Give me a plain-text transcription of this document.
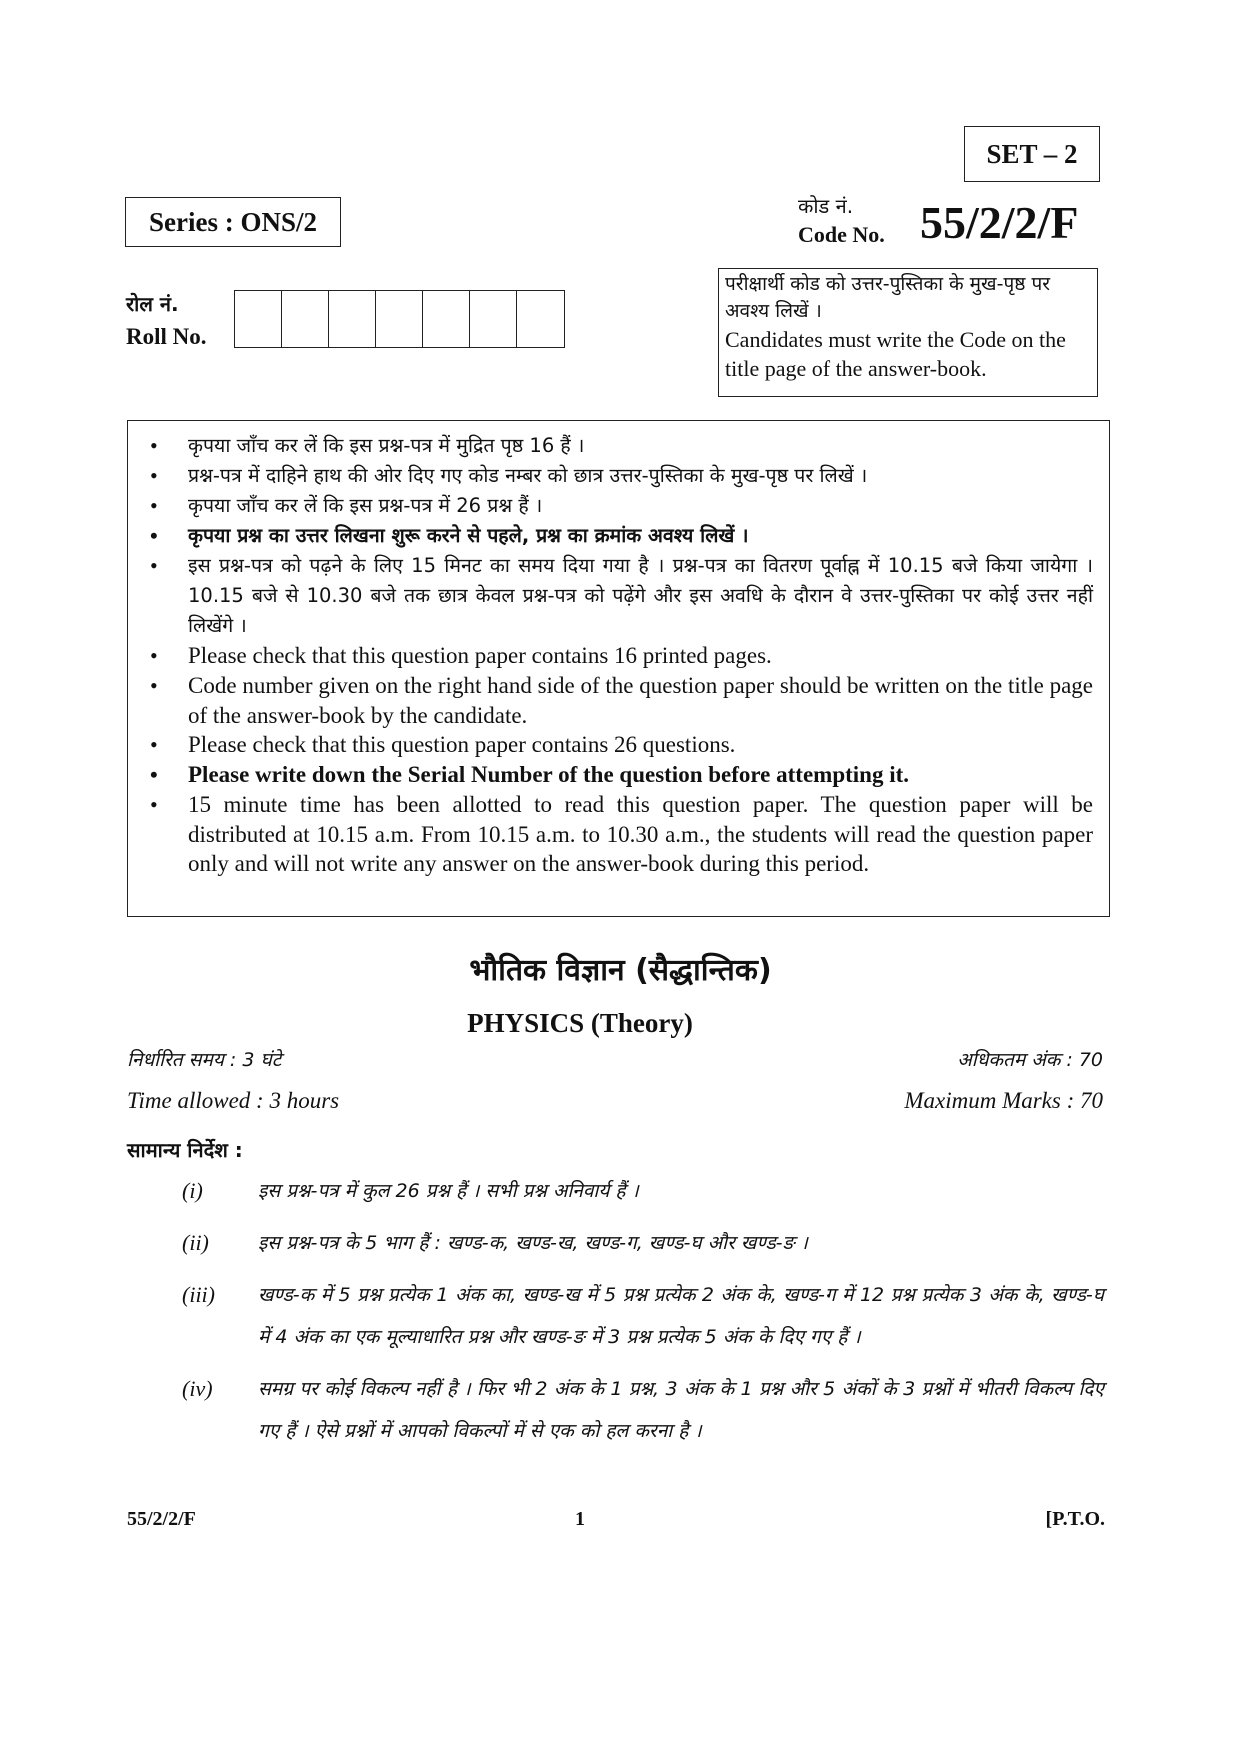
SET – 2
Series : ONS/2
कोड नं.
Code No. 55/2/2/F
रोल नं.
Roll No.
परीक्षार्थी कोड को उत्तर-पुस्तिका के मुख-पृष्ठ पर अवश्य लिखें ।
Candidates must write the Code on the title page of the answer-book.
•	कृपया जाँच कर लें कि इस प्रश्न-पत्र में मुद्रित पृष्ठ 16 हैं ।
•	प्रश्न-पत्र में दाहिने हाथ की ओर दिए गए कोड नम्बर को छात्र उत्तर-पुस्तिका के मुख-पृष्ठ पर लिखें ।
•	कृपया जाँच कर लें कि इस प्रश्न-पत्र में 26 प्रश्न हैं ।
•	कृपया प्रश्न का उत्तर लिखना शुरू करने से पहले, प्रश्न का क्रमांक अवश्य लिखें ।
•	इस प्रश्न-पत्र को पढ़ने के लिए 15 मिनट का समय दिया गया है । प्रश्न-पत्र का वितरण पूर्वाह्न में 10.15 बजे किया जायेगा । 10.15 बजे से 10.30 बजे तक छात्र केवल प्रश्न-पत्र को पढ़ेंगे और इस अवधि के दौरान वे उत्तर-पुस्तिका पर कोई उत्तर नहीं लिखेंगे ।
•	Please check that this question paper contains 16 printed pages.
•	Code number given on the right hand side of the question paper should be written on the title page of the answer-book by the candidate.
•	Please check that this question paper contains 26 questions.
•	Please write down the Serial Number of the question before attempting it.
•	15 minute time has been allotted to read this question paper. The question paper will be distributed at 10.15 a.m. From 10.15 a.m. to 10.30 a.m., the students will read the question paper only and will not write any answer on the answer-book during this period.
भौतिक विज्ञान (सैद्धान्तिक)
PHYSICS (Theory)
निर्धारित समय : 3 घंटे	अधिकतम अंक : 70
Time allowed : 3 hours	Maximum Marks : 70
सामान्य निर्देश :
(i)	इस प्रश्न-पत्र में कुल 26 प्रश्न हैं । सभी प्रश्न अनिवार्य हैं ।
(ii)	इस प्रश्न-पत्र के 5 भाग हैं : खण्ड-क, खण्ड-ख, खण्ड-ग, खण्ड-घ और खण्ड-ङ ।
(iii)	खण्ड-क में 5 प्रश्न प्रत्येक 1 अंक का, खण्ड-ख में 5 प्रश्न प्रत्येक 2 अंक के, खण्ड-ग में 12 प्रश्न प्रत्येक 3 अंक के, खण्ड-घ में 4 अंक का एक मूल्याधारित प्रश्न और खण्ड-ङ में 3 प्रश्न प्रत्येक 5 अंक के दिए गए हैं ।
(iv)	समग्र पर कोई विकल्प नहीं है । फिर भी 2 अंक के 1 प्रश्न, 3 अंक के 1 प्रश्न और 5 अंकों के 3 प्रश्नों में भीतरी विकल्प दिए गए हैं । ऐसे प्रश्नों में आपको विकल्पों में से एक को हल करना है ।
55/2/2/F	1	[P.T.O.
